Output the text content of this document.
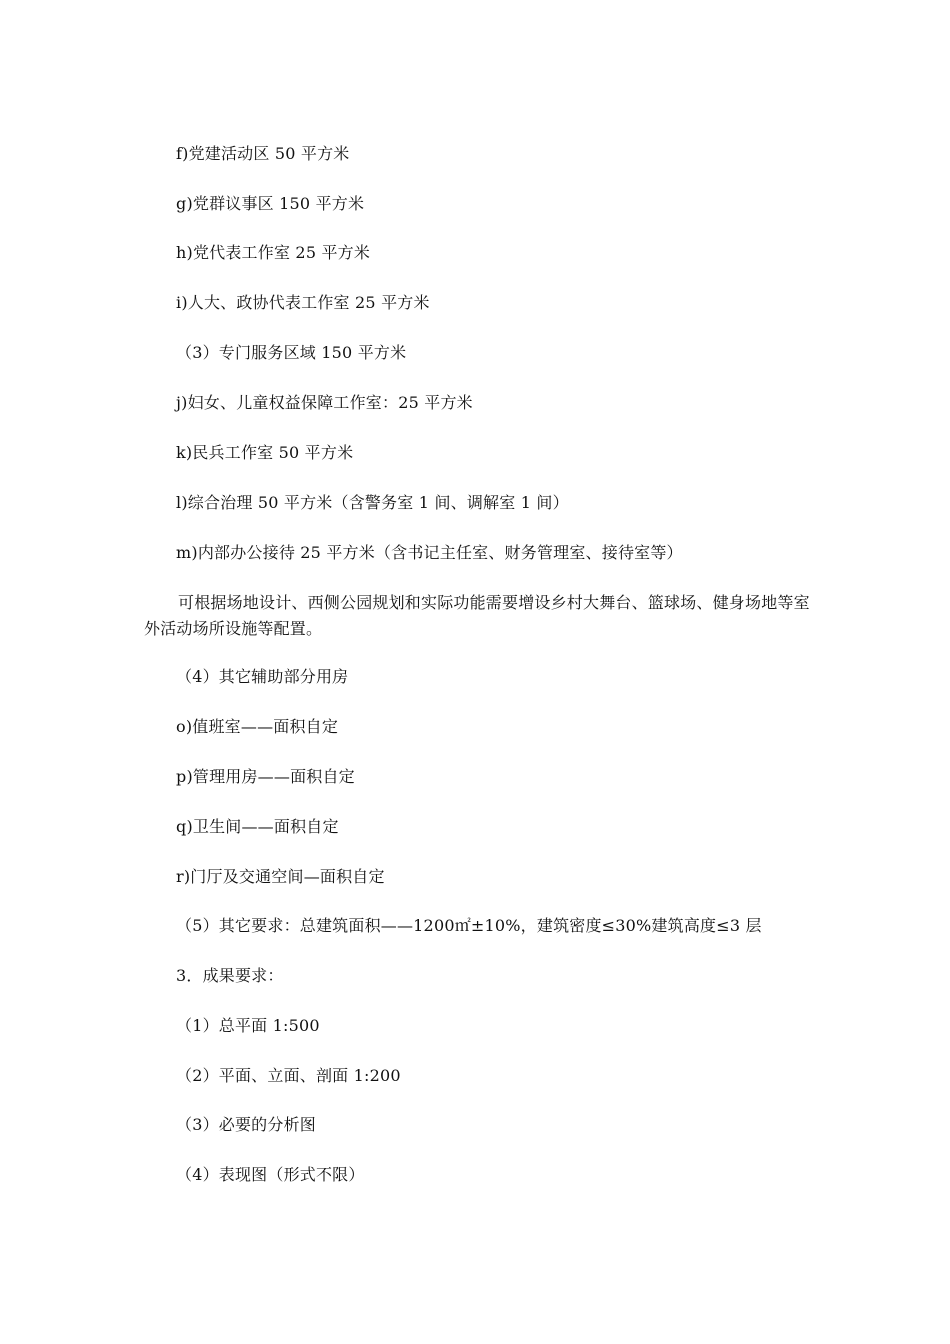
f)党建活动区 50 平方米
g)党群议事区 150 平方米
h)党代表工作室 25 平方米
i)人大、政协代表工作室 25 平方米
（3）专门服务区域 150 平方米
j)妇女、儿童权益保障工作室：25 平方米
k)民兵工作室 50 平方米
l)综合治理 50 平方米（含警务室 1 间、调解室 1 间）
m)内部办公接待 25 平方米（含书记主任室、财务管理室、接待室等）
可根据场地设计、西侧公园规划和实际功能需要增设乡村大舞台、篮球场、健身场地等室外活动场所设施等配置。
（4）其它辅助部分用房
o)值班室——面积自定
p)管理用房——面积自定
q)卫生间——面积自定
r)门厅及交通空间—面积自定
（5）其它要求：总建筑面积——1200㎡±10%，建筑密度≤30%建筑高度≤3 层
3．成果要求：
（1）总平面 1:500
（2）平面、立面、剖面 1:200
（3）必要的分析图
（4）表现图（形式不限）
